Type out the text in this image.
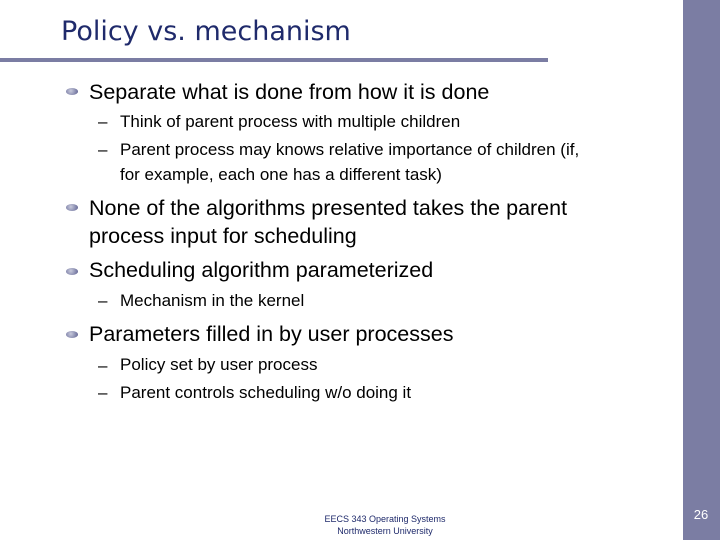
Policy vs. mechanism
Separate what is done from how it is done
– Think of parent process with multiple children
– Parent process may knows relative importance of children (if,
for example, each one has a different task)
None of the algorithms presented takes the parent
process input for scheduling
Scheduling algorithm parameterized
– Mechanism in the kernel
Parameters filled in by user processes
– Policy set by user process
– Parent controls scheduling w/o doing it
EECS 343 Operating Systems
Northwestern University
26
